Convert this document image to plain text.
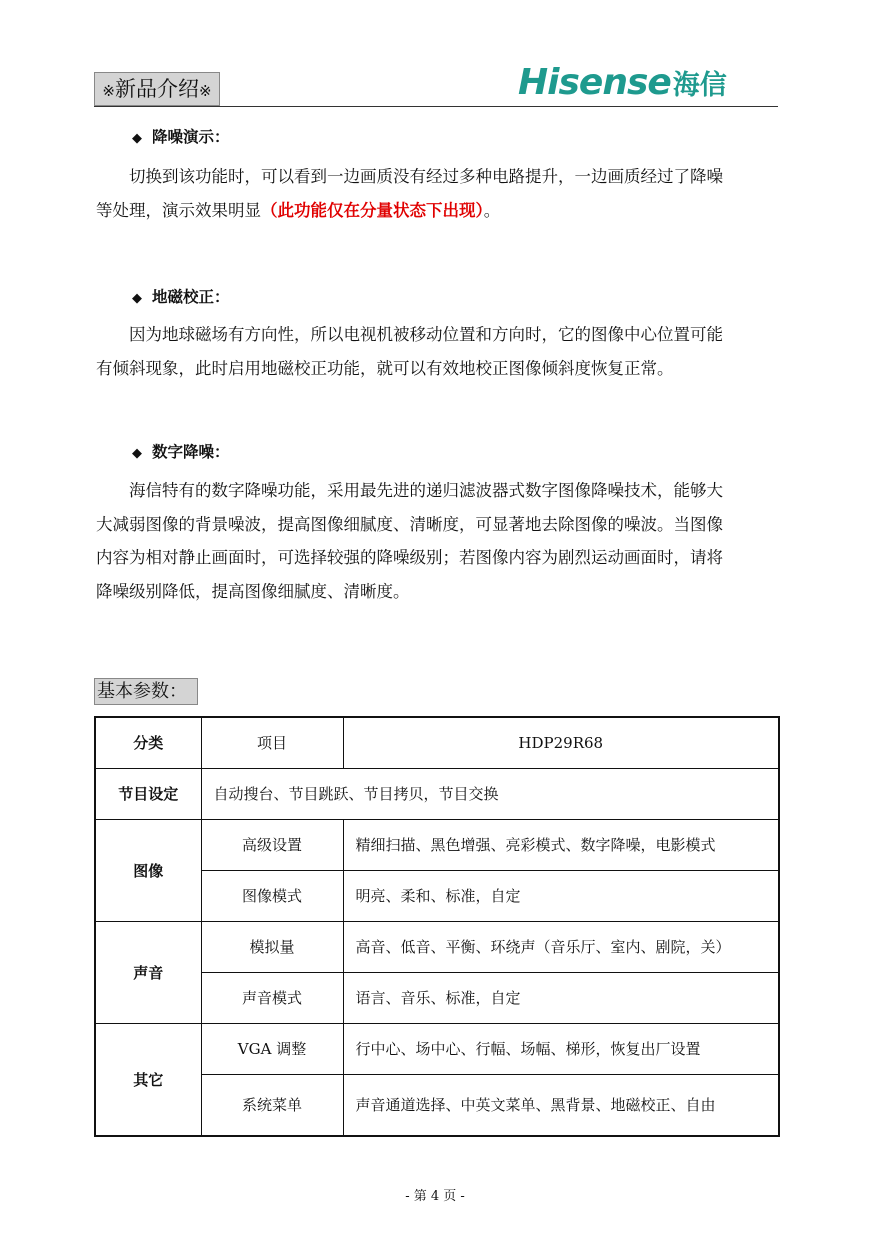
※新品介绍※	Hisense海信
◆ 降噪演示：
切换到该功能时，可以看到一边画质没有经过多种电路提升，一边画质经过了降噪
等处理，演示效果明显（此功能仅在分量状态下出现）。
◆ 地磁校正：
因为地球磁场有方向性，所以电视机被移动位置和方向时，它的图像中心位置可能
有倾斜现象，此时启用地磁校正功能，就可以有效地校正图像倾斜度恢复正常。
◆ 数字降噪：
海信特有的数字降噪功能，采用最先进的递归滤波器式数字图像降噪技术，能够大
大减弱图像的背景噪波，提高图像细腻度、清晰度，可显著地去除图像的噪波。当图像
内容为相对静止画面时，可选择较强的降噪级别；若图像内容为剧烈运动画面时，请将
降噪级别降低，提高图像细腻度、清晰度。
基本参数：
分类	项目	HDP29R68
节目设定	自动搜台、节目跳跃、节目拷贝，节目交换	
图像	高级设置	精细扫描、黑色增强、亮彩模式、数字降噪，电影模式
	图像模式	明亮、柔和、标准，自定
声音	模拟量	高音、低音、平衡、环绕声（音乐厅、室内、剧院，关）
	声音模式	语言、音乐、标准，自定
其它	VGA 调整	行中心、场中心、行幅、场幅、梯形，恢复出厂设置
	系统菜单	声音通道选择、中英文菜单、黑背景、地磁校正、自由
- 第 4 页 -
